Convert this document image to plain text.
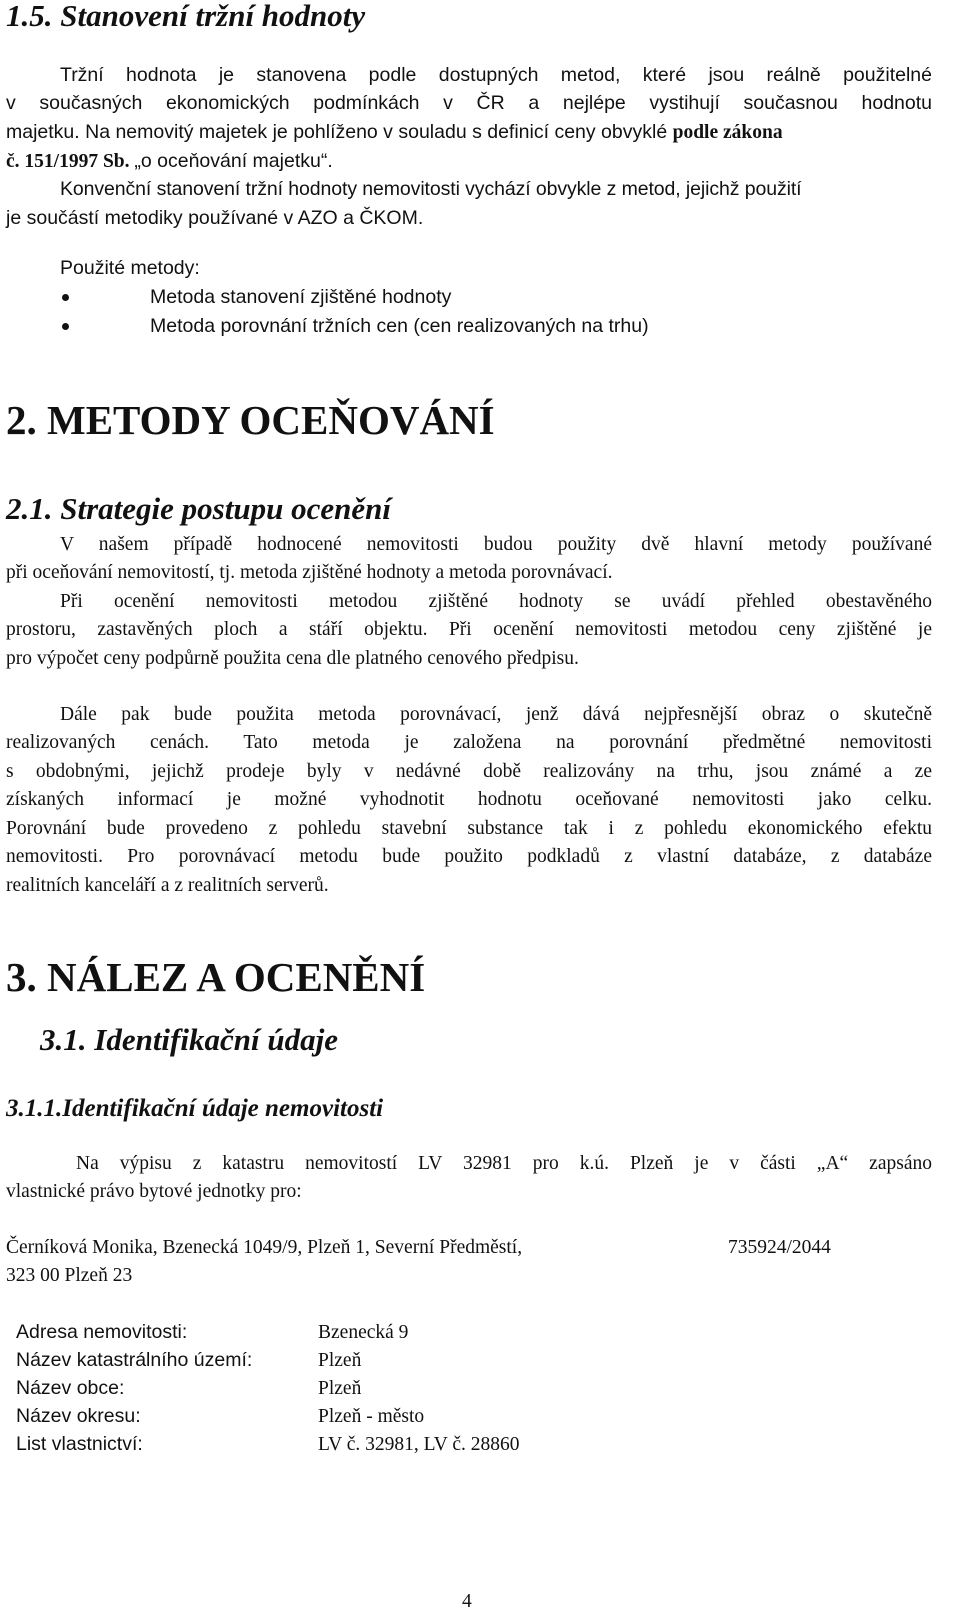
1.5. Stanovení tržní hodnoty
Tržní hodnota je stanovena podle dostupných metod, které jsou reálně použitelné
v současných ekonomických podmínkách v ČR a nejlépe vystihují současnou hodnotu
majetku. Na nemovitý majetek je pohlíženo v souladu s definicí ceny obvyklé podle zákona
č. 151/1997 Sb. „o oceňování majetku“.
Konvenční stanovení tržní hodnoty nemovitosti vychází obvykle z metod, jejichž použití
je součástí metodiky používané v AZO a ČKOM.
Použité metody:
Metoda stanovení zjištěné hodnoty
Metoda porovnání tržních cen (cen realizovaných na trhu)
2. METODY OCEŇOVÁNÍ
2.1. Strategie postupu ocenění
V našem případě hodnocené nemovitosti budou použity dvě hlavní metody používané
při oceňování nemovitostí, tj. metoda zjištěné hodnoty a metoda porovnávací.
Při ocenění nemovitosti metodou zjištěné hodnoty se uvádí přehled obestavěného
prostoru, zastavěných ploch a stáří objektu. Při ocenění nemovitosti metodou ceny zjištěné je
pro výpočet ceny podpůrně použita cena dle platného cenového předpisu.
Dále pak bude použita metoda porovnávací, jenž dává nejpřesnější obraz o skutečně
realizovaných cenách. Tato metoda je založena na porovnání předmětné nemovitosti
s obdobnými, jejichž prodeje byly v nedávné době realizovány na trhu, jsou známé a ze
získaných informací je možné vyhodnotit hodnotu oceňované nemovitosti jako celku.
Porovnání bude provedeno z pohledu stavební substance tak i z pohledu ekonomického efektu
nemovitosti. Pro porovnávací metodu bude použito podkladů z vlastní databáze, z databáze
realitních kanceláří a z realitních serverů.
3. NÁLEZ A OCENĚNÍ
3.1. Identifikační údaje
3.1.1.Identifikační údaje nemovitosti
Na výpisu z katastru nemovitostí LV 32981 pro k.ú. Plzeň je v části „A“ zapsáno
vlastnické právo bytové jednotky pro:
Černíková Monika, Bzenecká 1049/9, Plzeň 1, Severní Předměstí,	735924/2044
323 00 Plzeň 23
Adresa nemovitosti:	Bzenecká 9
Název katastrálního území:	Plzeň
Název obce:	Plzeň
Název okresu:	Plzeň - město
List vlastnictví:	LV č. 32981, LV č. 28860
4
